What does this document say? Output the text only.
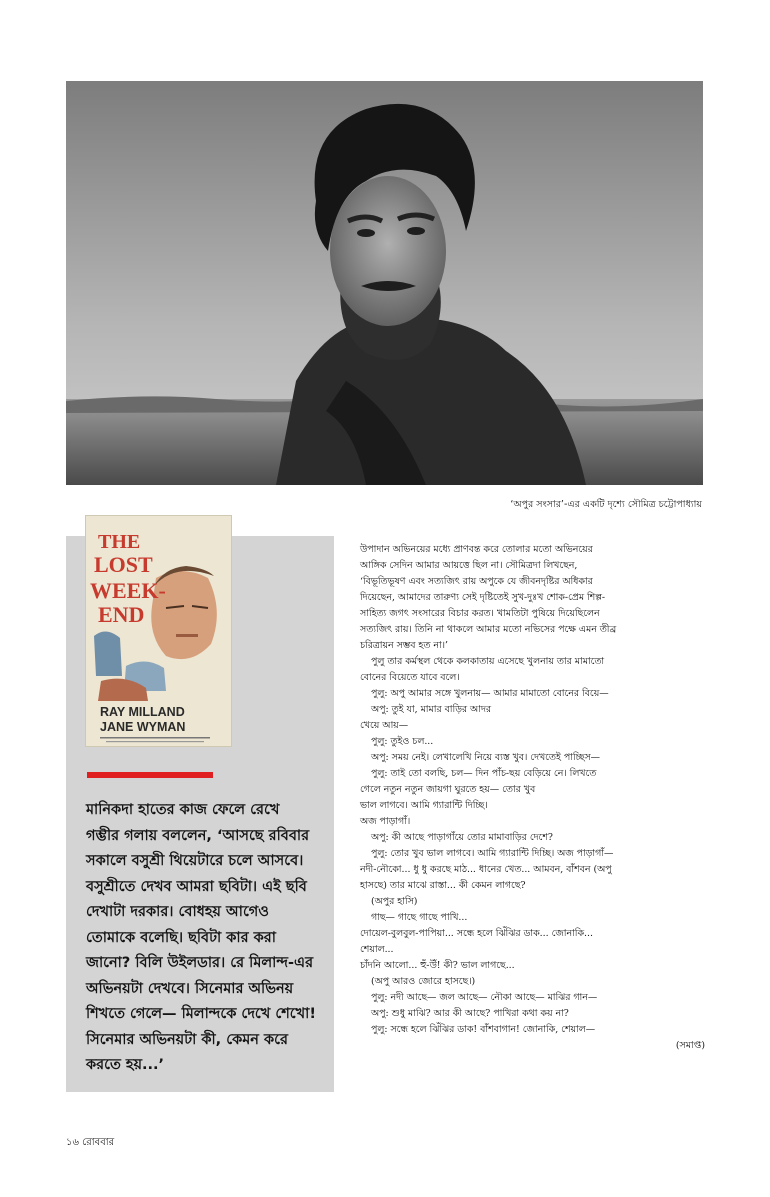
‘অপুর সংসার’-এর একটি দৃশ্যে সৌমিত্র চট্টোপাধ্যায়
THE
LOST
WEEK-
END
RAY MILLAND
JANE WYMAN
মানিকদা হাতের কাজ ফেলে রেখে গম্ভীর গলায় বললেন, ‘আসছে রবিবার সকালে বসুশ্রী থিয়েটারে চলে আসবে। বসুশ্রীতে দেখব আমরা ছবিটা। এই ছবি দেখাটা দরকার। বোধহয় আগেও তোমাকে বলেছি। ছবিটা কার করা জানো? বিলি উইলডার। রে মিলান্দ-এর অভিনয়টা দেখবে। সিনেমার অভিনয় শিখতে গেলে— মিলান্দকে দেখে শেখো! সিনেমার অভিনয়টা কী, কেমন করে করতে হয়...’

উপাদান অভিনয়ের মধ্যে প্রাণবন্ত করে তোলার মতো অভিনয়ের

আঙ্গিক সেদিন আমার আয়ত্তে ছিল না। সৌমিত্রদা লিখছেন,

‘বিভূতিভূষণ এবং সত্যজিৎ রায় অপুকে যে জীবনদৃষ্টির অধিকার

দিয়েছেন, আমাদের তারুণ্য সেই দৃষ্টিতেই সুখ-দুঃখ শোক-প্রেম শিল্প-

সাহিত্য জগৎ সংসারের বিচার করত। খামতিটা পুষিয়ে দিয়েছিলেন

সত্যজিৎ রায়। তিনি না থাকলে আমার মতো নভিসের পক্ষে এমন তীব্র

চরিত্রায়ন সম্ভব হত না।’

পুলু তার কর্মস্থল থেকে কলকাতায় এসেছে খুলনায় তার মামাতো

বোনের বিয়েতে যাবে বলে।

পুলু: অপু আমার সঙ্গে খুলনায়— আমার মামাতো বোনের বিয়ে—

অপু: তুই যা, মামার বাড়ির আদর

খেয়ে আয়—

পুলু: তুইও চল...

অপু: সময় নেই। লেখালেখি নিয়ে ব্যস্ত খুব। দেখতেই পাচ্ছিস—

পুলু: তাই তো বলছি, চল— দিন পাঁচ-ছয় বেড়িয়ে নে। লিখতে

গেলে নতুন নতুন জায়গা ঘুরতে হয়— তোর খুব

ভাল লাগবে। আমি গ্যারান্টি দিচ্ছি।

অজ পাড়াগাঁ।

অপু: কী আছে পাড়াগাঁয়ে তোর মামাবাড়ির দেশে?

পুলু: তোর খুব ভাল লাগবে। আমি গ্যারান্টি দিচ্ছি। অজ পাড়াগাঁ—

নদী-নৌকো... ধু ধু করছে মাঠ... ধানের খেত... আমবন, বাঁশবন (অপু

হাসছে) তার মাঝে রাস্তা... কী কেমন লাগছে?

(অপুর হাসি)

গাছ— গাছে গাছে পাখি...

দোয়েল-বুলবুল-পাপিয়া... সন্ধে হলে ঝিঁঝির ডাক... জোনাকি...

শেয়াল...

চাঁদনি আলো... হুঁ-উঁ! কী? ভাল লাগছে...

(অপু আরও জোরে হাসছে।)

পুলু: নদী আছে— জল আছে— নৌকা আছে— মাঝির গান—

অপু: শুধু মাঝি? আর কী আছে? পাখিরা কথা কয় না?

পুলু: সন্ধে হলে ঝিঁঝির ডাক! বাঁশবাগান! জোনাকি, শেয়াল—

(সমাপ্ত)

১৬ রোববার
